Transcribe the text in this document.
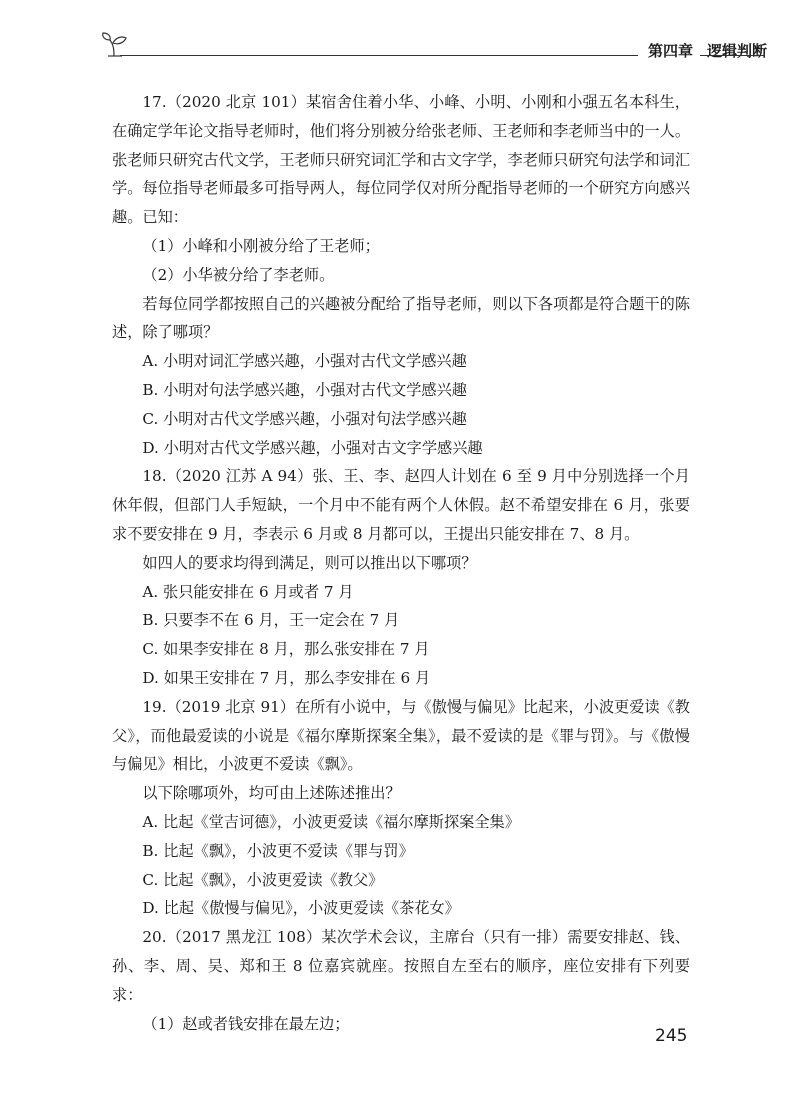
第四章 逻辑判断

17.（2020 北京 101）某宿舍住着小华、小峰、小明、小刚和小强五名本科生，在确定学年论文指导老师时，他们将分别被分给张老师、王老师和李老师当中的一人。张老师只研究古代文学，王老师只研究词汇学和古文字学，李老师只研究句法学和词汇学。每位指导老师最多可指导两人，每位同学仅对所分配指导老师的一个研究方向感兴趣。已知：

（1）小峰和小刚被分给了王老师；

（2）小华被分给了李老师。

若每位同学都按照自己的兴趣被分配给了指导老师，则以下各项都是符合题干的陈述，除了哪项？

A. 小明对词汇学感兴趣，小强对古代文学感兴趣

B. 小明对句法学感兴趣，小强对古代文学感兴趣

C. 小明对古代文学感兴趣，小强对句法学感兴趣

D. 小明对古代文学感兴趣，小强对古文字学感兴趣

18.（2020 江苏 A 94）张、王、李、赵四人计划在 6 至 9 月中分别选择一个月休年假，但部门人手短缺，一个月中不能有两个人休假。赵不希望安排在 6 月，张要求不要安排在 9 月，李表示 6 月或 8 月都可以，王提出只能安排在 7、8 月。

如四人的要求均得到满足，则可以推出以下哪项？

A. 张只能安排在 6 月或者 7 月

B. 只要李不在 6 月，王一定会在 7 月

C. 如果李安排在 8 月，那么张安排在 7 月

D. 如果王安排在 7 月，那么李安排在 6 月

19.（2019 北京 91）在所有小说中，与《傲慢与偏见》比起来，小波更爱读《教父》，而他最爱读的小说是《福尔摩斯探案全集》，最不爱读的是《罪与罚》。与《傲慢与偏见》相比，小波更不爱读《飘》。

以下除哪项外，均可由上述陈述推出？

A. 比起《堂吉诃德》，小波更爱读《福尔摩斯探案全集》

B. 比起《飘》，小波更不爱读《罪与罚》

C. 比起《飘》，小波更爱读《教父》

D. 比起《傲慢与偏见》，小波更爱读《茶花女》

20.（2017 黑龙江 108）某次学术会议，主席台（只有一排）需要安排赵、钱、孙、李、周、吴、郑和王 8 位嘉宾就座。按照自左至右的顺序，座位安排有下列要求：

（1）赵或者钱安排在最左边；

245
